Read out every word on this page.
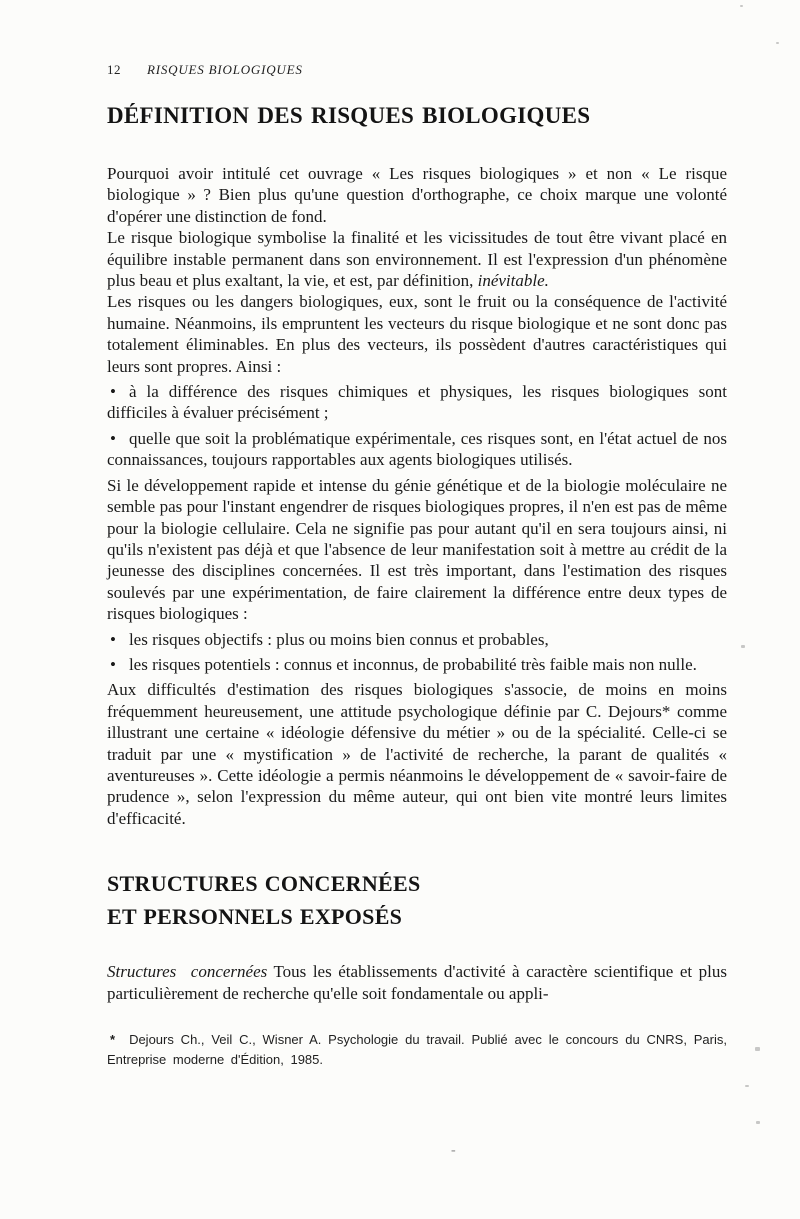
12 RISQUES BIOLOGIQUES
DÉFINITION DES RISQUES BIOLOGIQUES

Pourquoi avoir intitulé cet ouvrage « Les risques biologiques » et non « Le risque biologique » ? Bien plus qu'une question d'orthographe, ce choix marque une volonté d'opérer une distinction de fond.

Le risque biologique symbolise la finalité et les vicissitudes de tout être vivant placé en équilibre instable permanent dans son environnement. Il est l'expression d'un phénomène plus beau et plus exaltant, la vie, et est, par définition, inévitable.

Les risques ou les dangers biologiques, eux, sont le fruit ou la conséquence de l'activité humaine. Néanmoins, ils empruntent les vecteurs du risque biologique et ne sont donc pas totalement éliminables. En plus des vecteurs, ils possèdent d'autres caractéristiques qui leurs sont propres. Ainsi :

• à la différence des risques chimiques et physiques, les risques biologiques sont difficiles à évaluer précisément ;

• quelle que soit la problématique expérimentale, ces risques sont, en l'état actuel de nos connaissances, toujours rapportables aux agents biologiques utilisés.

Si le développement rapide et intense du génie génétique et de la biologie moléculaire ne semble pas pour l'instant engendrer de risques biologiques propres, il n'en est pas de même pour la biologie cellulaire. Cela ne signifie pas pour autant qu'il en sera toujours ainsi, ni qu'ils n'existent pas déjà et que l'absence de leur manifestation soit à mettre au crédit de la jeunesse des disciplines concernées. Il est très important, dans l'estimation des risques soulevés par une expérimentation, de faire clairement la différence entre deux types de risques biologiques :

• les risques objectifs : plus ou moins bien connus et probables,

• les risques potentiels : connus et inconnus, de probabilité très faible mais non nulle.

Aux difficultés d'estimation des risques biologiques s'associe, de moins en moins fréquemment heureusement, une attitude psychologique définie par C. Dejours* comme illustrant une certaine « idéologie défensive du métier » ou de la spécialité. Celle-ci se traduit par une « mystification » de l'activité de recherche, la parant de qualités « aventureuses ». Cette idéologie a permis néanmoins le développement de « savoir-faire de prudence », selon l'expression du même auteur, qui ont bien vite montré leurs limites d'efficacité.

STRUCTURES CONCERNÉES
ET PERSONNELS EXPOSÉS

Structures concernées Tous les établissements d'activité à caractère scientifique et plus particulièrement de recherche qu'elle soit fondamentale ou appli-

* Dejours Ch., Veil C., Wisner A. Psychologie du travail. Publié avec le concours du CNRS, Paris, Entreprise moderne d'Édition, 1985.
-
